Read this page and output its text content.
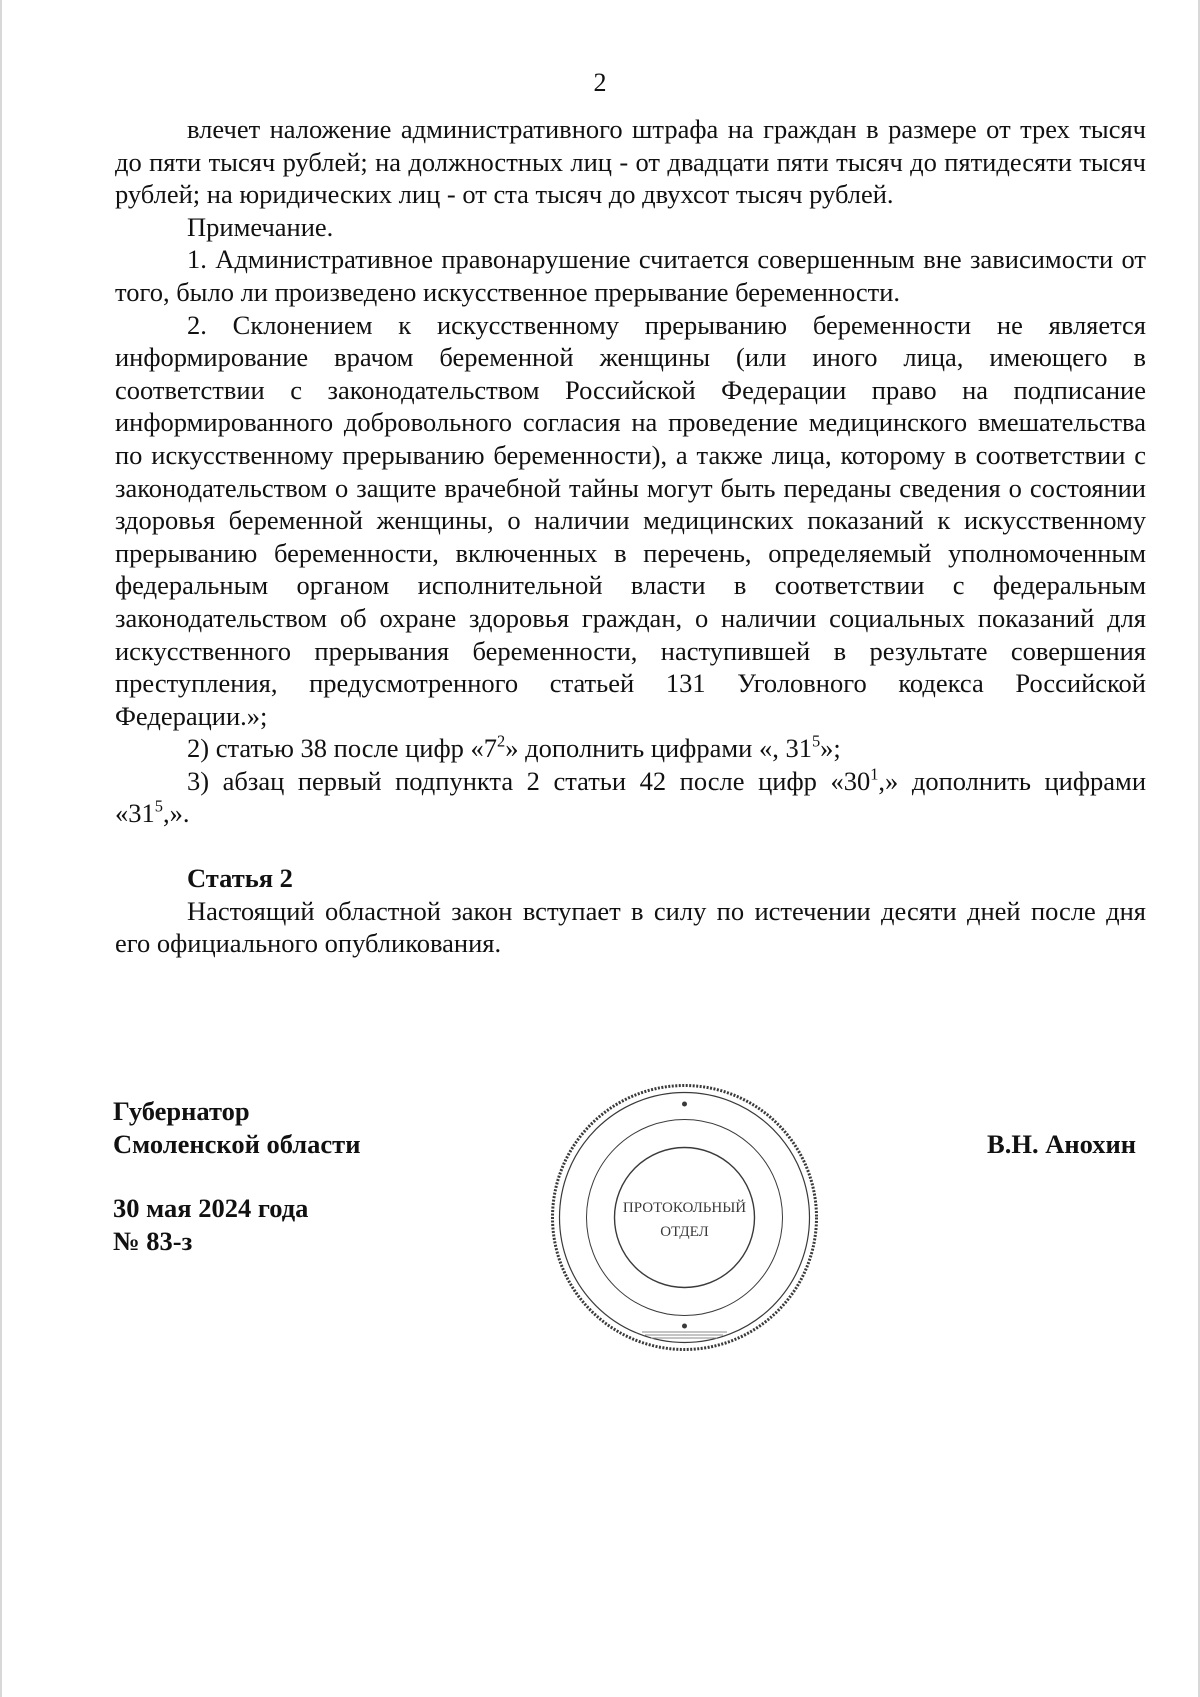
2

влечет наложение административного штрафа на граждан в размере от трех тысяч до пяти тысяч рублей; на должностных лиц - от двадцати пяти тысяч до пятидесяти тысяч рублей; на юридических лиц - от ста тысяч до двухсот тысяч рублей.

Примечание.

1. Административное правонарушение считается совершенным вне зависимости от того, было ли произведено искусственное прерывание беременности.

2. Склонением к искусственному прерыванию беременности не является информирование врачом беременной женщины (или иного лица, имеющего в соответствии с законодательством Российской Федерации право на подписание информированного добровольного согласия на проведение медицинского вмешательства по искусственному прерыванию беременности), а также лица, которому в соответствии с законодательством о защите врачебной тайны могут быть переданы сведения о состоянии здоровья беременной женщины, о наличии медицинских показаний к искусственному прерыванию беременности, включенных в перечень, определяемый уполномоченным федеральным органом исполнительной власти в соответствии с федеральным законодательством об охране здоровья граждан, о наличии социальных показаний для искусственного прерывания беременности, наступившей в результате совершения преступления, предусмотренного статьей 131 Уголовного кодекса Российской Федерации.»;

2) статью 38 после цифр «$7^2$» дополнить цифрами «, $31^5$»;

3) абзац первый подпункта 2 статьи 42 после цифр «$30^1$,» дополнить цифрами «$31^5$,».

Статья 2

Настоящий областной закон вступает в силу по истечении десяти дней после дня его официального опубликования.

Губернатор
Смоленской области
30 мая 2024 года
№ 83-з
В.Н. Анохин
ПРОТОКОЛЬНЫЙ
ОТДЕЛ
